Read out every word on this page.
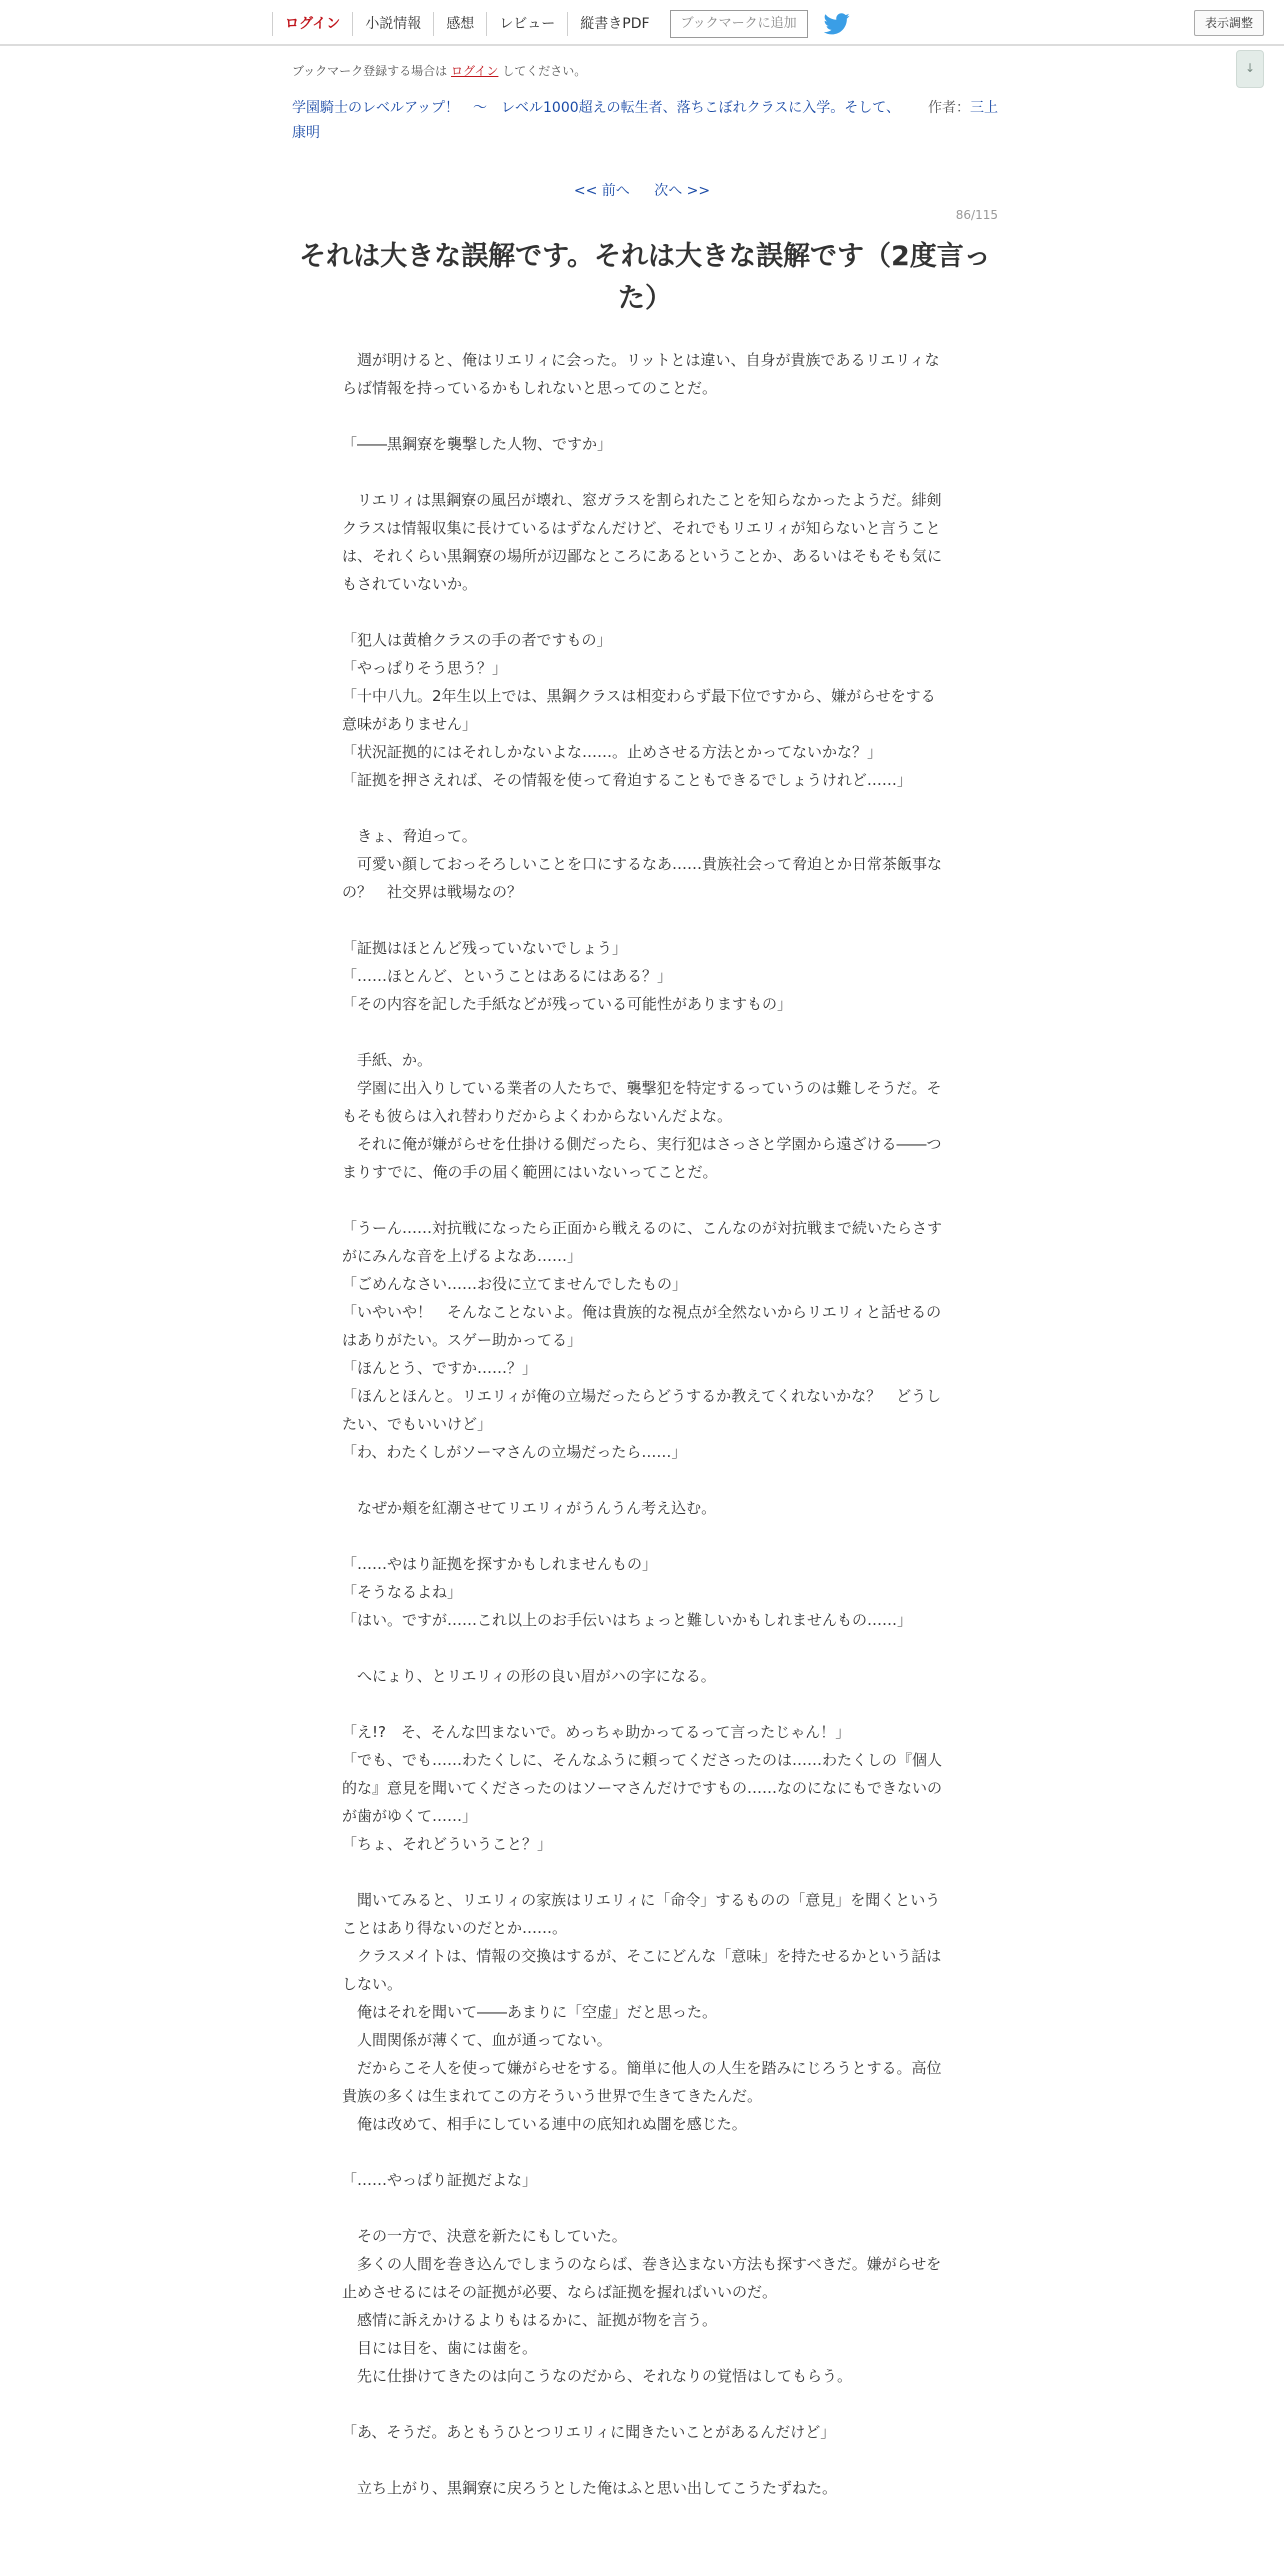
ログイン	小説情報	感想	レビュー	縦書きPDF	ブックマークに追加	表示調整
↓
ブックマーク登録する場合は ログイン してください。
学園騎士のレベルアップ！　〜　レベル1000超えの転生者、落ちこぼれクラスに入学。そして、 作者：三上康明
<< 前へ 次へ >>
86/115
それは大きな誤解です。それは大きな誤解です（2度言った）

　週が明けると、俺はリエリィに会った。リットとは違い、自身が貴族であるリエリィならば情報を持っているかもしれないと思ってのことだ。

「――黒鋼寮を襲撃した人物、ですか」

　リエリィは黒鋼寮の風呂が壊れ、窓ガラスを割られたことを知らなかったようだ。緋剣クラスは情報収集に長けているはずなんだけど、それでもリエリィが知らないと言うことは、それくらい黒鋼寮の場所が辺鄙なところにあるということか、あるいはそもそも気にもされていないか。

「犯人は黄槍クラスの手の者ですもの」

「やっぱりそう思う？」

「十中八九。2年生以上では、黒鋼クラスは相変わらず最下位ですから、嫌がらせをする意味がありません」

「状況証拠的にはそれしかないよな……。止めさせる方法とかってないかな？」

「証拠を押さえれば、その情報を使って脅迫することもできるでしょうけれど……」

　きょ、脅迫って。

　可愛い顔しておっそろしいことを口にするなあ……貴族社会って脅迫とか日常茶飯事なの？　社交界は戦場なの？

「証拠はほとんど残っていないでしょう」

「……ほとんど、ということはあるにはある？」

「その内容を記した手紙などが残っている可能性がありますもの」

　手紙、か。

　学園に出入りしている業者の人たちで、襲撃犯を特定するっていうのは難しそうだ。そもそも彼らは入れ替わりだからよくわからないんだよな。

　それに俺が嫌がらせを仕掛ける側だったら、実行犯はさっさと学園から遠ざける――つまりすでに、俺の手の届く範囲にはいないってことだ。

「うーん……対抗戦になったら正面から戦えるのに、こんなのが対抗戦まで続いたらさすがにみんな音を上げるよなあ……」

「ごめんなさい……お役に立てませんでしたもの」

「いやいや！　そんなことないよ。俺は貴族的な視点が全然ないからリエリィと話せるのはありがたい。スゲー助かってる」

「ほんとう、ですか……？」

「ほんとほんと。リエリィが俺の立場だったらどうするか教えてくれないかな？　どうしたい、でもいいけど」

「わ、わたくしがソーマさんの立場だったら……」

　なぜか頬を紅潮させてリエリィがうんうん考え込む。

「……やはり証拠を探すかもしれませんもの」

「そうなるよね」

「はい。ですが……これ以上のお手伝いはちょっと難しいかもしれませんもの……」

　へにょり、とリエリィの形の良い眉がハの字になる。

「え!?　そ、そんな凹まないで。めっちゃ助かってるって言ったじゃん！」

「でも、でも……わたくしに、そんなふうに頼ってくださったのは……わたくしの『個人的な』意見を聞いてくださったのはソーマさんだけですもの……なのになにもできないのが歯がゆくて……」

「ちょ、それどういうこと？」

　聞いてみると、リエリィの家族はリエリィに「命令」するものの「意見」を聞くということはあり得ないのだとか……。

　クラスメイトは、情報の交換はするが、そこにどんな「意味」を持たせるかという話はしない。

　俺はそれを聞いて――あまりに「空虚」だと思った。

　人間関係が薄くて、血が通ってない。

　だからこそ人を使って嫌がらせをする。簡単に他人の人生を踏みにじろうとする。高位貴族の多くは生まれてこの方そういう世界で生きてきたんだ。

　俺は改めて、相手にしている連中の底知れぬ闇を感じた。

「……やっぱり証拠だよな」

　その一方で、決意を新たにもしていた。

　多くの人間を巻き込んでしまうのならば、巻き込まない方法も探すべきだ。嫌がらせを止めさせるにはその証拠が必要、ならば証拠を握ればいいのだ。

　感情に訴えかけるよりもはるかに、証拠が物を言う。

　目には目を、歯には歯を。

　先に仕掛けてきたのは向こうなのだから、それなりの覚悟はしてもらう。

「あ、そうだ。あともうひとつリエリィに聞きたいことがあるんだけど」

　立ち上がり、黒鋼寮に戻ろうとした俺はふと思い出してこうたずねた。
